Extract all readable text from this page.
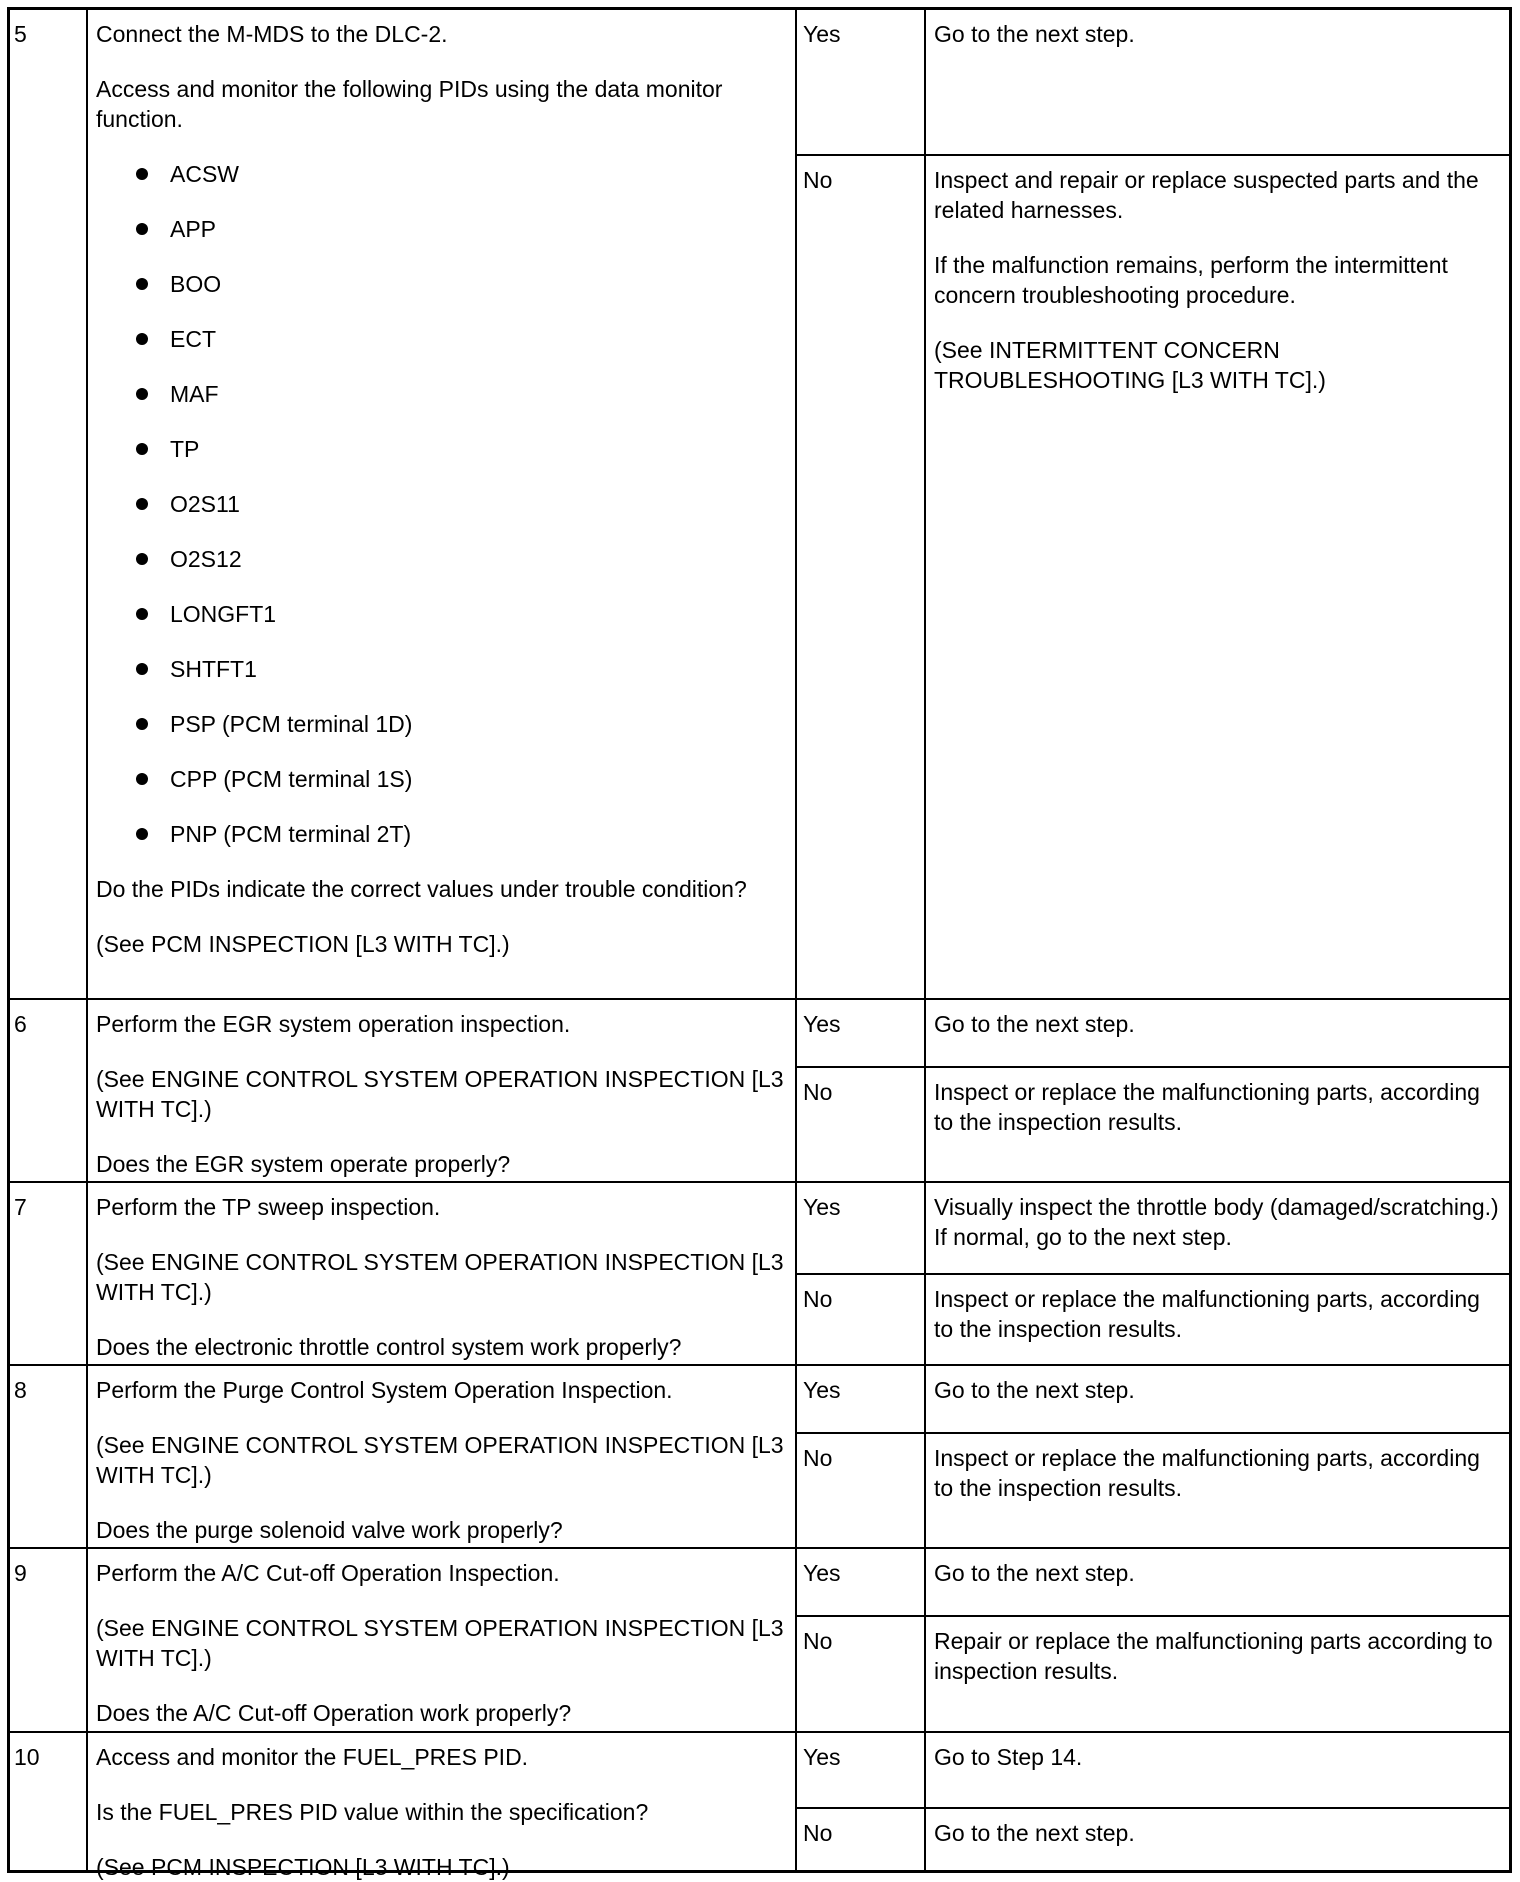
5	Connect the M-MDS to the DLC-2.

Access and monitor the following PIDs using the data monitor function.

ACSW
APP
BOO
ECT
MAF
TP
O2S11
O2S12
LONGFT1
SHTFT1
PSP (PCM terminal 1D)
CPP (PCM terminal 1S)
PNP (PCM terminal 2T)

Do the PIDs indicate the correct values under trouble condition?

(See PCM INSPECTION [L3 WITH TC].)

Yes	Go to the next step.

No	Inspect and repair or replace suspected parts and the related harnesses.

If the malfunction remains, perform the intermittent concern troubleshooting procedure.

(See INTERMITTENT CONCERN TROUBLESHOOTING [L3 WITH TC].)

6	Perform the EGR system operation inspection.

(See ENGINE CONTROL SYSTEM OPERATION INSPECTION [L3 WITH TC].)

Does the EGR system operate properly?

Yes	Go to the next step.

No	Inspect or replace the malfunctioning parts, according to the inspection results.

7	Perform the TP sweep inspection.

(See ENGINE CONTROL SYSTEM OPERATION INSPECTION [L3 WITH TC].)

Does the electronic throttle control system work properly?

Yes	Visually inspect the throttle body (damaged/scratching.) If normal, go to the next step.

No	Inspect or replace the malfunctioning parts, according to the inspection results.

8	Perform the Purge Control System Operation Inspection.

(See ENGINE CONTROL SYSTEM OPERATION INSPECTION [L3 WITH TC].)

Does the purge solenoid valve work properly?

Yes	Go to the next step.

No	Inspect or replace the malfunctioning parts, according to the inspection results.

9	Perform the A/C Cut-off Operation Inspection.

(See ENGINE CONTROL SYSTEM OPERATION INSPECTION [L3 WITH TC].)

Does the A/C Cut-off Operation work properly?

Yes	Go to the next step.

No	Repair or replace the malfunctioning parts according to inspection results.

10	Access and monitor the FUEL_PRES PID.

Is the FUEL_PRES PID value within the specification?

(See PCM INSPECTION [L3 WITH TC].)

Yes	Go to Step 14.

No	Go to the next step.
